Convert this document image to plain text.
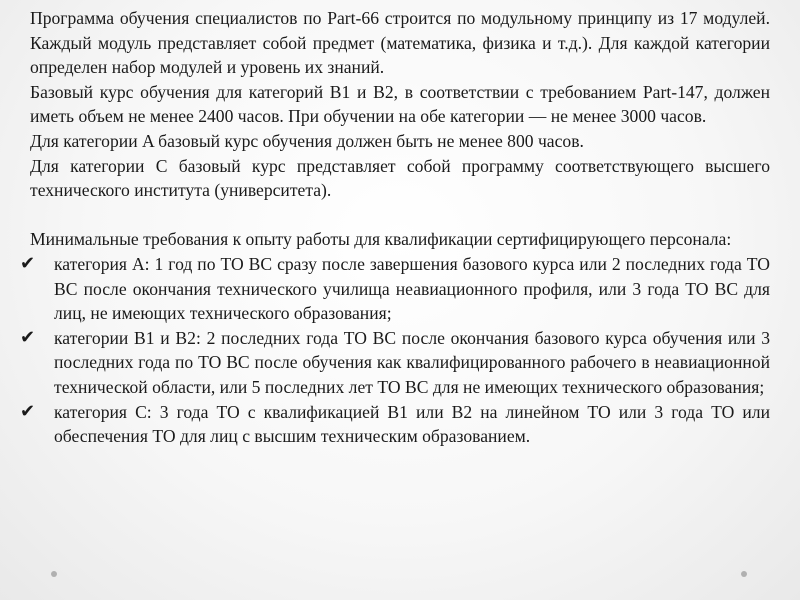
Программа обучения специалистов по Part-66 строится по модульному принципу из 17 модулей. Каждый модуль представляет собой предмет (математика, физика и т.д.). Для каждой категории определен набор модулей и уровень их знаний.

Базовый курс обучения для категорий B1 и B2, в соответствии с требованием Part-147, должен иметь объем не менее 2400 часов. При обучении на обе категории — не менее 3000 часов.

Для категории A базовый курс обучения должен быть не менее 800 часов.

Для категории C базовый курс представляет собой программу соответствующего высшего технического института (университета).

Минимальные требования к опыту работы для квалификации сертифицирующего персонала:

✔ категория A: 1 год по ТО ВС сразу после завершения базового курса или 2 последних года ТО ВС после окончания технического училища неавиационного профиля, или 3 года ТО ВС для лиц, не имеющих технического образования;
✔ категории B1 и B2: 2 последних года ТО ВС после окончания базового курса обучения или 3 последних года по ТО ВС после обучения как квалифицированного рабочего в неавиационной технической области, или 5 последних лет ТО ВС для не имеющих технического образования;
✔ категория C: 3 года ТО с квалификацией B1 или B2 на линейном ТО или 3 года ТО или обеспечения ТО для лиц с высшим техническим образованием.
